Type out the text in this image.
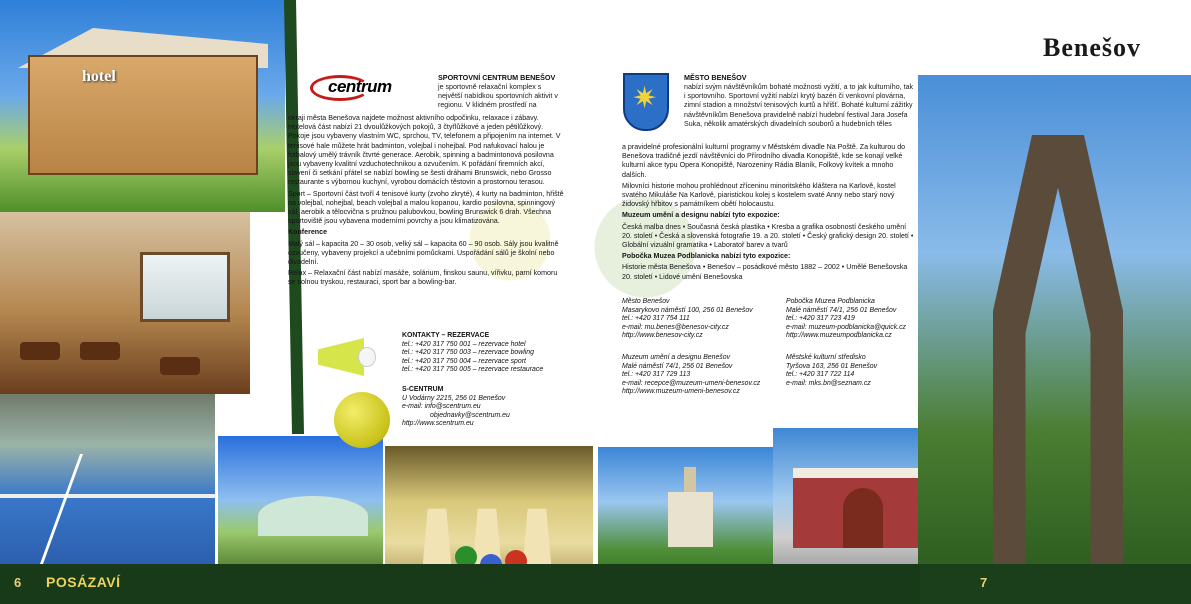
hotel
Benešov
centrum	SPORTOVNÍ CENTRUM BENEŠOV
je sportovně relaxační komplex s největší nabídkou sportovních aktivit v regionu. V klidném prostředí na

okraji města Benešova najdete možnost aktivního odpočinku, relaxace i zábavy. Hotelová část nabízí 21 dvoulůžkových pokojů, 3 čtyřlůžkové a jeden pětilůžkový. Pokoje jsou vybaveny vlastním WC, sprchou, TV, telefonem a připojením na internet. V tenisové hale můžete hrát badminton, volejbal i nohejbal. Pod nafukovací halou je fotbalový umělý trávník čtvrté generace. Aerobik, spinning a badmintonová posilovna jsou vybaveny kvalitní vzduchotechnikou a ozvučením. K pořádání firemních akcí, slavení či setkání přátel se nabízí bowling se šesti dráhami Brunswick, nebo Grosso restaurante s výbornou kuchyní, vyrobou domácích těstovin a prostornou terasou.

Sport – Sportovní část tvoří 4 tenisové kurty (zvoho zkryté), 4 kurty na badminton, hřiště na volejbal, nohejbal, beach volejbal a malou kopanou, kardio posilovna, spinningový sál, aerobik a tělocvična s pružnou palubovkou, bowling Brunswick 6 drah. Všechna sportoviště jsou vybavena moderními povrchy a jsou klimatizována.

Konference

Malý sál – kapacita 20 – 30 osob, velký sál – kapacita 60 – 90 osob. Sály jsou kvalitně ozvučeny, vybaveny projekcí a učebními pomůckami. Uspořádání sálů je školní nebo divadelní.

Relax – Relaxační část nabízí masáže, solárium, finskou saunu, vířivku, parní komoru se solnou tryskou, restauraci, sport bar a bowling-bar.

KONTAKTY – REZERVACE
tel.: +420 317 750 001 – rezervace hotel
tel.: +420 317 750 003 – rezervace bowling
tel.: +420 317 750 004 – rezervace sport
tel.: +420 317 750 005 – rezervace restaurace
S-CENTRUM
U Vodárny 2215, 256 01 Benešov
e-mail: info@scentrum.eu
objednavky@scentrum.eu
http://www.scentrum.eu
✷
MĚSTO BENEŠOV
nabízí svým návštěvníkům bohaté možnosti vyžití, a to jak kulturního, tak i sportovního. Sportovní vyžití nabízí krytý bazén či venkovní plovárna, zimní stadion a množství tenisových kurtů a hřišť. Bohaté kulturní zážitky návštěvníkům Benešova pravidelně nabízí hudební festival Jara Josefa Suka, několik amatérských divadelních souborů a hudebních těles

a pravidelné profesionální kulturní programy v Městském divadle Na Poště. Za kulturou do Benešova tradičně jezdí návštěvníci do Přírodního divadla Konopiště, kde se konají velké kulturní akce typu Opera Konopiště, Narozeniny Rádia Blaník, Folkový kvítek a mnoho dalších.

Milovníci historie mohou prohlédnout zříceninu minoritského kláštera na Karlově, kostel svatého Mikuláše Na Karlově, piaristickou kolej s kostelem svaté Anny nebo starý nový židovský hřbitov s památníkem obětí holocaustu.

Muzeum umění a designu nabízí tyto expozice:

Česká malba dnes • Současná česká plastika • Kresba a grafika osobností českého umění 20. století • Česká a slovenská fotografie 19. a 20. století • Český grafický design 20. století • Globální vizuální gramatika • Laboratoř barev a tvarů

Pobočka Muzea Podblanicka nabízí tyto expozice:

Historie města Benešova • Benešov – posádkové město 1882 – 2002 • Umělé Benešovska 20. století • Lidové umění Benešovska

Město Benešov
Masarykovo náměstí 100, 256 01 Benešov
tel.: +420 317 754 111
e-mail: mu.benes@benesov-city.cz
http://www.benesov-city.cz
Pobočka Muzea Podblanicka
Malé náměstí 74/1, 256 01 Benešov
tel.: +420 317 723 419
e-mail: muzeum-podblanicka@quick.cz
http://www.muzeumpodblanicka.cz
Muzeum umění a designu Benešov
Malé náměstí 74/1, 256 01 Benešov
tel.: +420 317 729 113
e-mail: recepce@muzeum-umeni-benesov.cz
http://www.muzeum-umeni-benesov.cz
Městské kulturní středisko
Tyršova 163, 256 01 Benešov
tel.: +420 317 722 114
e-mail: mks.bn@seznam.cz
6 POSÁZAVÍ	7
